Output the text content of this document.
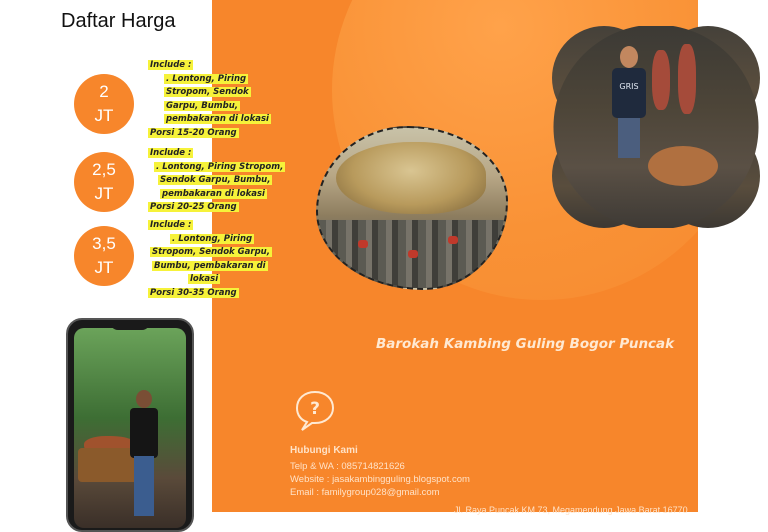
Daftar Harga
2
JT
Include :
. Lontong, Piring
Stropom, Sendok
Garpu, Bumbu,
pembakaran di lokasi
Porsi 15-20 Orang
2,5
JT
Include :
. Lontong, Piring Stropom,
Sendok Garpu, Bumbu,
pembakaran di lokasi
Porsi 20-25 Orang
3,5
JT
Include :
. Lontong, Piring
Stropom, Sendok Garpu,
Bumbu, pembakaran di
lokasi
Porsi 30-35 Orang
GRIS
Barokah Kambing Guling Bogor Puncak
?
Hubungi Kami
Telp & WA : 085714821626
Website : jasakambingguling.blogspot.com
Email : familygroup028@gmail.com
Jl. Raya Puncak KM 73, Megamendung Jawa Barat 16770
